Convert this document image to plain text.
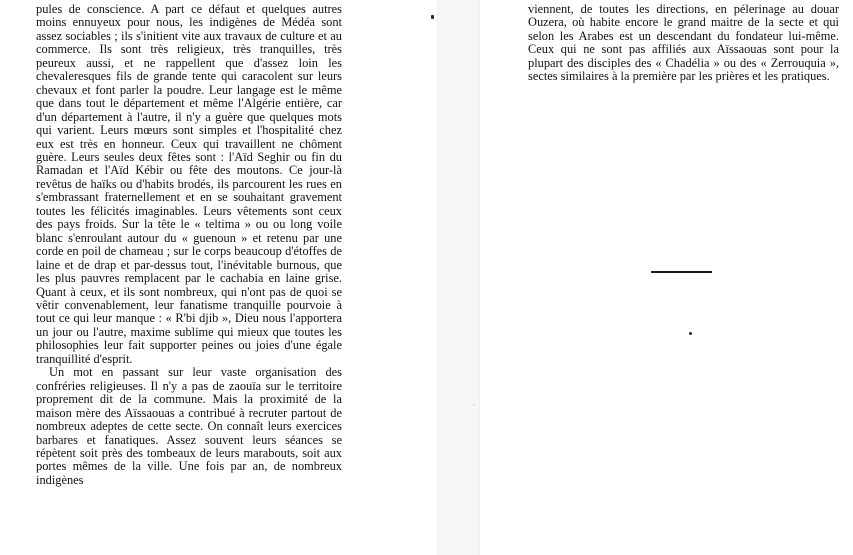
pules de conscience. A part ce défaut et quelques autres moins ennuyeux pour nous, les indigènes de Médéa sont assez sociables ; ils s'initient vite aux travaux de culture et au commerce. Ils sont très religieux, très tranquilles, très peureux aussi, et ne rappellent que d'assez loin les chevaleresques fils de grande tente qui caracolent sur leurs chevaux et font parler la poudre. Leur langage est le même que dans tout le département et même l'Algérie entière, car d'un département à l'autre, il n'y a guère que quelques mots qui varient. Leurs mœurs sont simples et l'hospitalité chez eux est très en honneur. Ceux qui travaillent ne chôment guère. Leurs seules deux fêtes sont : l'Aïd Seghir ou fin du Ramadan et l'Aïd Kébir ou fête des moutons. Ce jour-là revêtus de haïks ou d'habits brodés, ils parcourent les rues en s'embrassant fraternellement et en se souhaitant gravement toutes les félicités imaginables. Leurs vêtements sont ceux des pays froids. Sur la tête le « teltima » ou ou long voile blanc s'enroulant autour du « guenoun » et retenu par une corde en poil de chameau ; sur le corps beaucoup d'étoffes de laine et de drap et par-dessus tout, l'inévitable burnous, que les plus pauvres remplacent par le cachabia en laine grise. Quant à ceux, et ils sont nombreux, qui n'ont pas de quoi se vêtir convenablement, leur fanatisme tranquille pourvoie à tout ce qui leur manque : « R'bi djib », Dieu nous l'apportera un jour ou l'autre, maxime sublime qui mieux que toutes les philosophies leur fait supporter peines ou joies d'une égale tranquillité d'esprit.

Un mot en passant sur leur vaste organisation des confréries religieuses. Il n'y a pas de zaouïa sur le territoire proprement dit de la commune. Mais la proximité de la maison mère des Aïssaouas a contribué à recruter partout de nombreux adeptes de cette secte. On connaît leurs exercices barbares et fanatiques. Assez souvent leurs séances se répètent soit près des tombeaux de leurs marabouts, soit aux portes mêmes de la ville. Une fois par an, de nombreux indigènes

viennent, de toutes les directions, en pélerinage au douar Ouzera, où habite encore le grand maitre de la secte et qui selon les Arabes est un descendant du fondateur lui-même. Ceux qui ne sont pas affiliés aux Aïssaouas sont pour la plupart des disciples des « Chadélia » ou des « Zerrouquia », sectes similaires à la première par les prières et les pratiques.
